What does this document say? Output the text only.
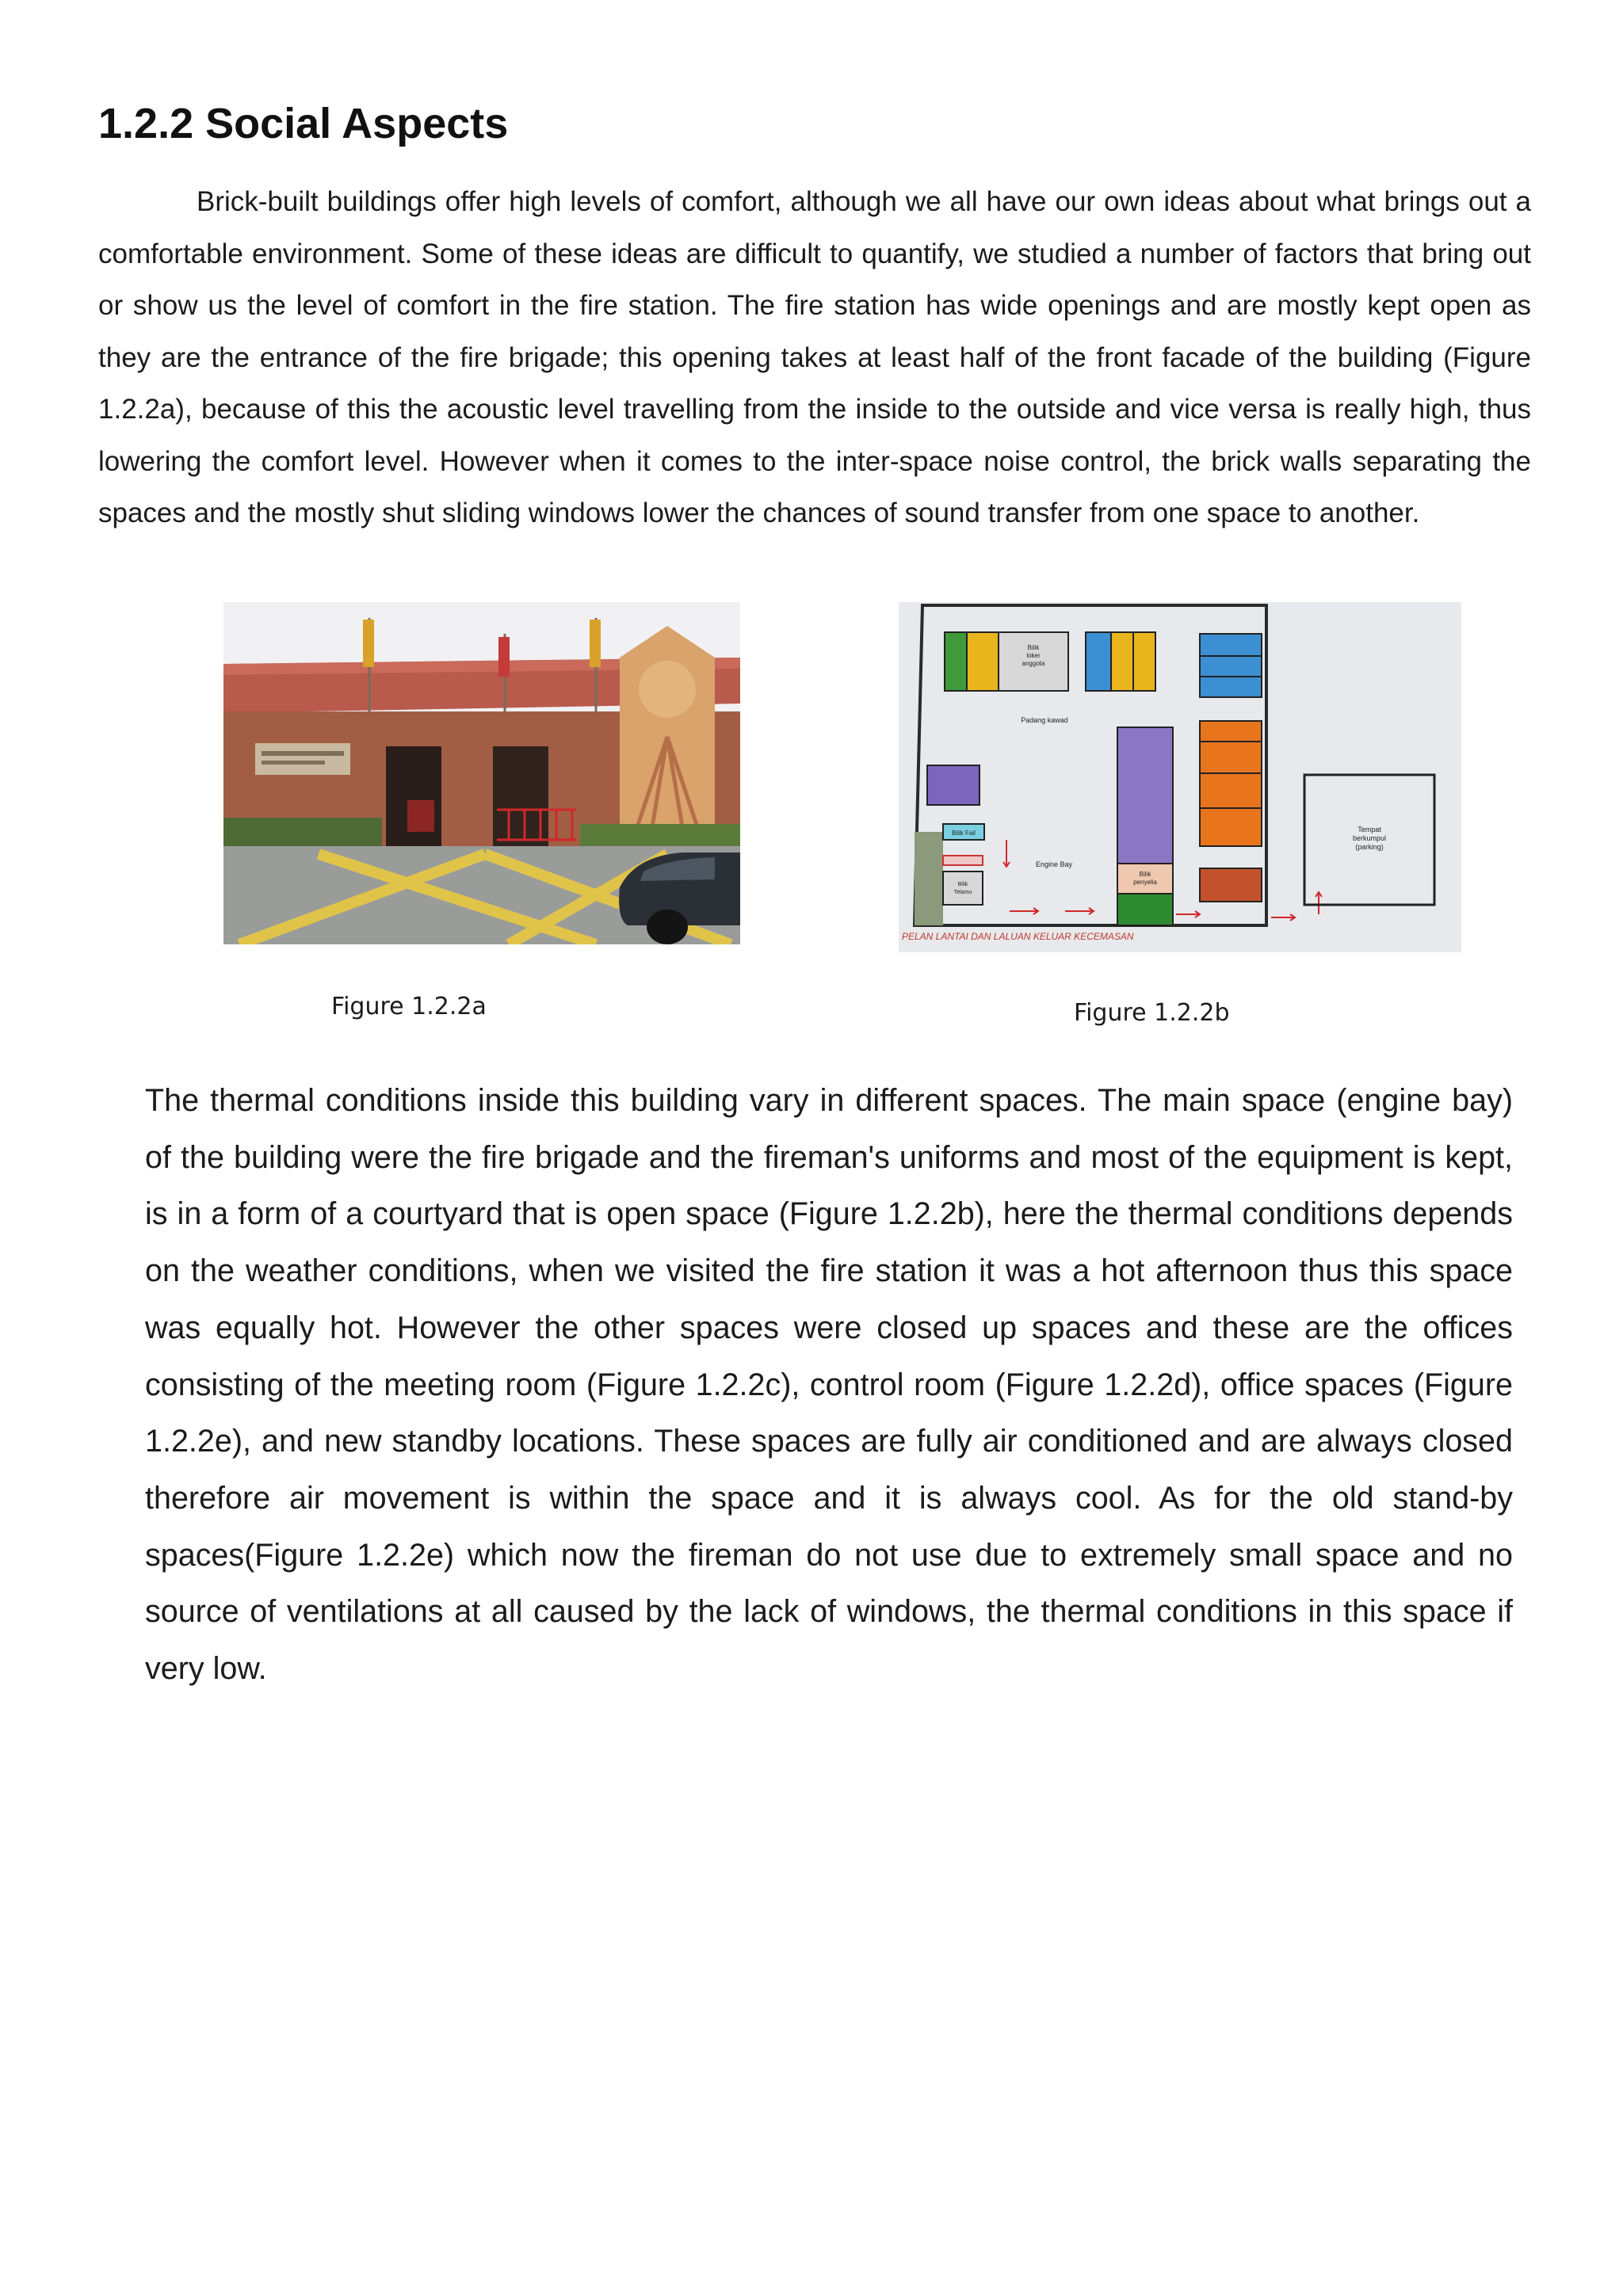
1.2.2 Social Aspects

Brick-built buildings offer high levels of comfort, although we all have our own ideas about what brings out a comfortable environment. Some of these ideas are difficult to quantify, we studied a number of factors that bring out or show us the level of comfort in the fire station. The fire station has wide openings and are mostly kept open as they are the entrance of the fire brigade; this opening takes at least half of the front facade of the building (Figure 1.2.2a), because of this the acoustic level travelling from the inside to the outside and vice versa is really high, thus lowering the comfort level. However when it comes to the inter-space noise control, the brick walls separating the spaces and the mostly shut sliding windows lower the chances of sound transfer from one space to another.

Bilik
loker
anggota
Padang kawad
Bilik
penyelia
Bilik Fail
Bilik
Telamu
Engine Bay
Tempat
berkumpul
(parking)
PELAN LANTAI DAN LALUAN KELUAR KECEMASAN

Figure 1.2.2a	Figure 1.2.2b

The thermal conditions inside this building vary in different spaces. The main space (engine bay) of the building were the fire brigade and the fireman's uniforms and most of the equipment is kept, is in a form of a courtyard that is open space (Figure 1.2.2b), here the thermal conditions depends on the weather conditions, when we visited the fire station it was a hot afternoon thus this space was equally hot. However the other spaces were closed up spaces and these are the offices consisting of the meeting room (Figure 1.2.2c), control room (Figure 1.2.2d), office spaces (Figure 1.2.2e), and new standby locations. These spaces are fully air conditioned and are always closed therefore air movement is within the space and it is always cool. As for the old stand-by spaces(Figure 1.2.2e) which now the fireman do not use due to extremely small space and no source of ventilations at all caused by the lack of windows, the thermal conditions in this space if very low.
